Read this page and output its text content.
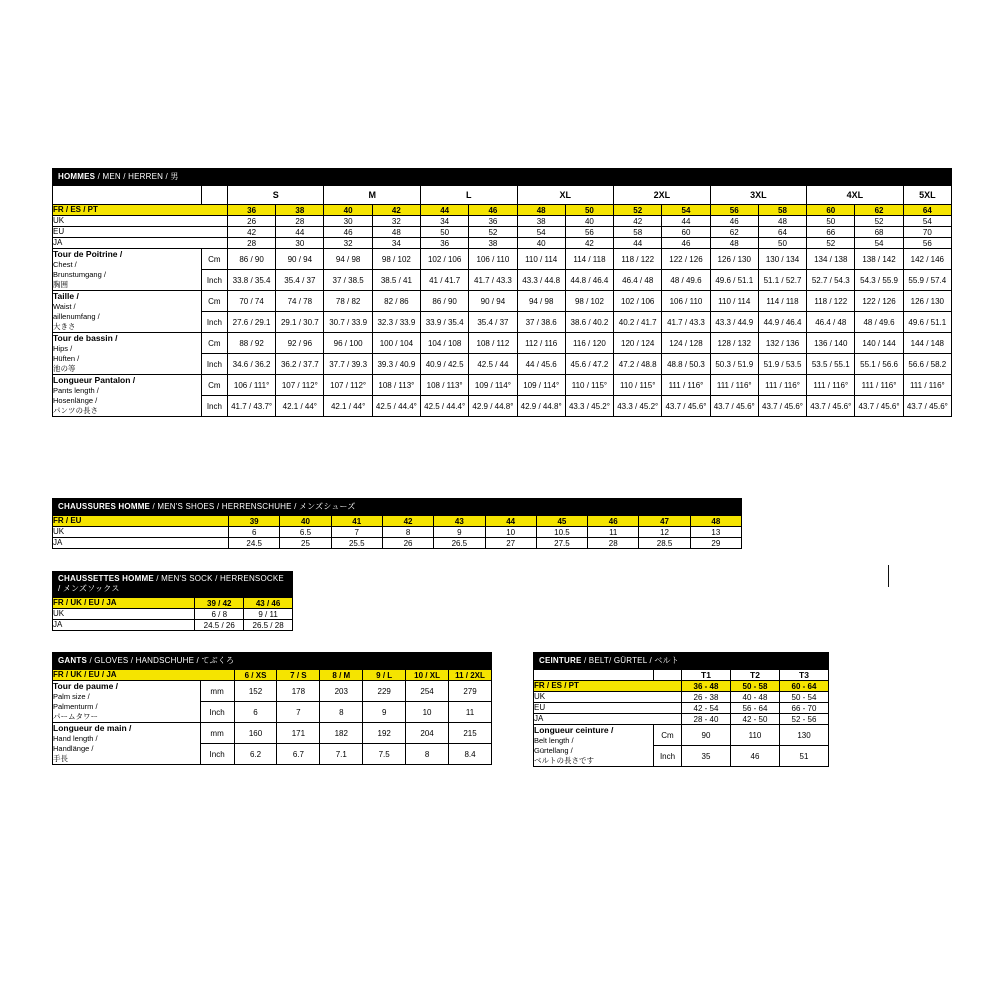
HOMMES / MEN / HERREN / 男
		S		M		L		XL		2XL		3XL		4XL		5XL
FR / ES / PT		36	38	40	42	44	46	48	50	52	54	56	58	60	62	64
UK		26	28	30	32	34	36	38	40	42	44	46	48	50	52	54
EU		42	44	46	48	50	52	54	56	58	60	62	64	66	68	70
JA		28	30	32	34	36	38	40	42	44	46	48	50	52	54	56
Tour de Poitrine /
Chest /
Brunstumgang /
胸囲	Cm	86 / 90	90 / 94	94 / 98	98 / 102	102 / 106	106 / 110	110 / 114	114 / 118	118 / 122	122 / 126	126 / 130	130 / 134	134 / 138	138 / 142	142 / 146
	Inch	33.8 / 35.4	35.4 / 37	37 / 38.5	38.5 / 41	41 / 41.7	41.7 / 43.3	43.3 / 44.8	44.8 / 46.4	46.4 / 48	48 / 49.6	49.6 / 51.1	51.1 / 52.7	52.7 / 54.3	54.3 / 55.9	55.9 / 57.4
Taille /
Waist /
aillenumfang /
大きさ	Cm	70 / 74	74 / 78	78 / 82	82 / 86	86 / 90	90 / 94	94 / 98	98 / 102	102 / 106	106 / 110	110 / 114	114 / 118	118 / 122	122 / 126	126 / 130
	Inch	27.6 / 29.1	29.1 / 30.7	30.7 / 33.9	32.3 / 33.9	33.9 / 35.4	35.4 / 37	37 / 38.6	38.6 / 40.2	40.2 / 41.7	41.7 / 43.3	43.3 / 44.9	44.9 / 46.4	46.4 / 48	48 / 49.6	49.6 / 51.1
Tour de bassin /
Hips /
Hüften /
池の等	Cm	88 / 92	92 / 96	96 / 100	100 / 104	104 / 108	108 / 112	112 / 116	116 / 120	120 / 124	124 / 128	128 / 132	132 / 136	136 / 140	140 / 144	144 / 148
	Inch	34.6 / 36.2	36.2 / 37.7	37.7 / 39.3	39.3 / 40.9	40.9 / 42.5	42.5 / 44	44 / 45.6	45.6 / 47.2	47.2 / 48.8	48.8 / 50.3	50.3 / 51.9	51.9 / 53.5	53.5 / 55.1	55.1 / 56.6	56.6 / 58.2
Longueur Pantalon /
Pants length /
Hosenlänge /
パンツの長さ	Cm	106 / 111°	107 / 112°	107 / 112°	108 / 113°	108 / 113°	109 / 114°	109 / 114°	110 / 115°	110 / 115°	111 / 116°	111 / 116°	111 / 116°	111 / 116°	111 / 116°	111 / 116°
	Inch	41.7 / 43.7°	42.1 / 44°	42.1 / 44°	42.5 / 44.4°	42.5 / 44.4°	42.9 / 44.8°	42.9 / 44.8°	43.3 / 45.2°	43.3 / 45.2°	43.7 / 45.6°	43.7 / 45.6°	43.7 / 45.6°	43.7 / 45.6°	43.7 / 45.6°	43.7 / 45.6°
CHAUSSURES HOMME / MEN'S SHOES / HERRENSCHUHE / メンズシューズ
FR / EU	39	40	41	42	43	44	45	46	47	48
UK	6	6.5	7	8	9	10	10.5	11	12	13
JA	24.5	25	25.5	26	26.5	27	27.5	28	28.5	29
CHAUSSETTES HOMME / MEN'S SOCK / HERRENSOCKE / メンズソックス
FR / UK / EU / JA	39 / 42	43 / 46
UK	6 / 8	9 / 11
JA	24.5 / 26	26.5 / 28
GANTS / GLOVES / HANDSCHUHE / てぶくろ
FR / UK / EU / JA		6 / XS	7 / S	8 / M	9 / L	10 / XL	11 / 2XL
Tour de paume /
Palm size /
Palmenturm /
パームタワー	mm	152	178	203	229	254	279
	Inch	6	7	8	9	10	11
Longueur de main /
Hand length /
Handlänge /
手長	mm	160	171	182	192	204	215
	Inch	6.2	6.7	7.1	7.5	8	8.4
CEINTURE / BELT/ GÜRTEL / ベルト
		T1	T2	T3
FR / ES / PT		36 - 48	50 - 58	60 - 64
UK		26 - 38	40 - 48	50 - 54
EU		42 - 54	56 - 64	66 - 70
JA		28 - 40	42 - 50	52 - 56
Longueur ceinture /
Belt length /
Gürtellang /
ベルトの長さです	Cm	90	110	130
	Inch	35	46	51
